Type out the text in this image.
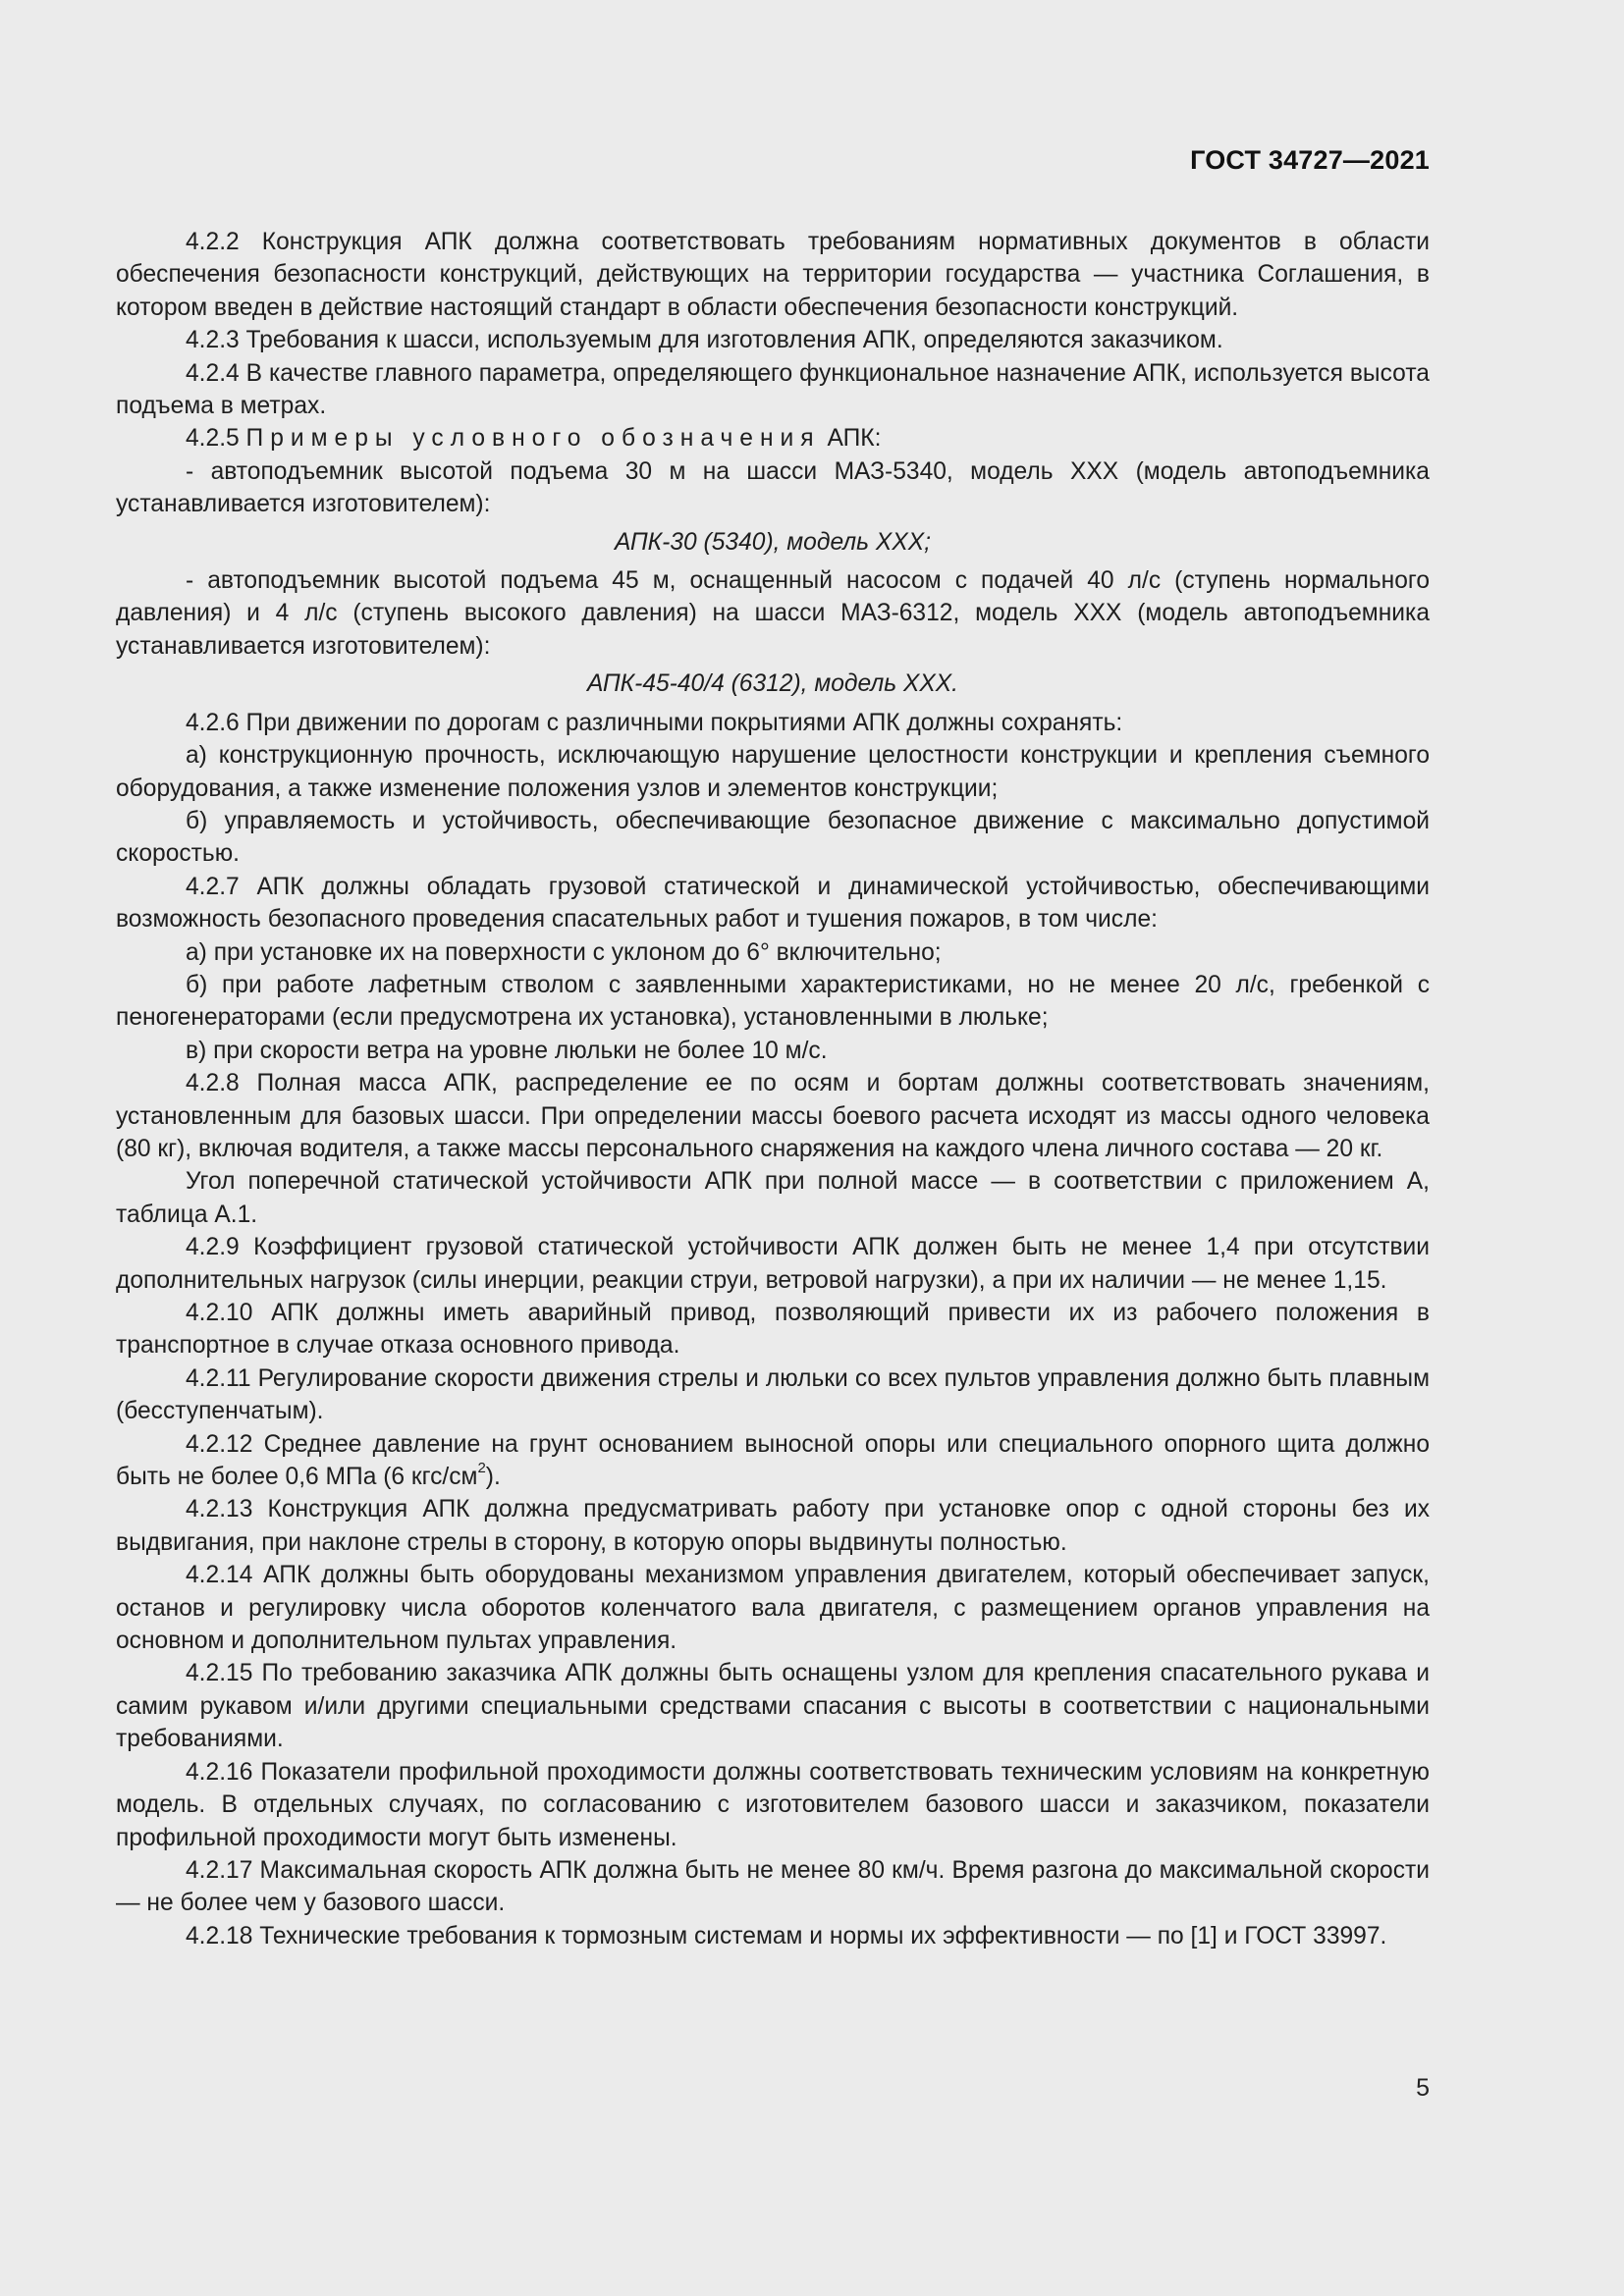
ГОСТ 34727—2021

4.2.2 Конструкция АПК должна соответствовать требованиям нормативных документов в области обеспечения безопасности конструкций, действующих на территории государства — участника Соглашения, в котором введен в действие настоящий стандарт в области обеспечения безопасности конструкций.

4.2.3 Требования к шасси, используемым для изготовления АПК, определяются заказчиком.

4.2.4 В качестве главного параметра, определяющего функциональное назначение АПК, используется высота подъема в метрах.

4.2.5 Примеры условного обозначения АПК:

- автоподъемник высотой подъема 30 м на шасси МАЗ-5340, модель XXX (модель автоподъемника устанавливается изготовителем):

АПК-30 (5340), модель XXX;

- автоподъемник высотой подъема 45 м, оснащенный насосом с подачей 40 л/с (ступень нормального давления) и 4 л/с (ступень высокого давления) на шасси МАЗ-6312, модель XXX (модель автоподъемника устанавливается изготовителем):

АПК-45-40/4 (6312), модель XXX.

4.2.6 При движении по дорогам с различными покрытиями АПК должны сохранять:

а) конструкционную прочность, исключающую нарушение целостности конструкции и крепления съемного оборудования, а также изменение положения узлов и элементов конструкции;

б) управляемость и устойчивость, обеспечивающие безопасное движение с максимально допустимой скоростью.

4.2.7 АПК должны обладать грузовой статической и динамической устойчивостью, обеспечивающими возможность безопасного проведения спасательных работ и тушения пожаров, в том числе:

а) при установке их на поверхности с уклоном до 6° включительно;

б) при работе лафетным стволом с заявленными характеристиками, но не менее 20 л/с, гребенкой с пеногенераторами (если предусмотрена их установка), установленными в люльке;

в) при скорости ветра на уровне люльки не более 10 м/с.

4.2.8 Полная масса АПК, распределение ее по осям и бортам должны соответствовать значениям, установленным для базовых шасси. При определении массы боевого расчета исходят из массы одного человека (80 кг), включая водителя, а также массы персонального снаряжения на каждого члена личного состава — 20 кг.

Угол поперечной статической устойчивости АПК при полной массе — в соответствии с приложением А, таблица А.1.

4.2.9 Коэффициент грузовой статической устойчивости АПК должен быть не менее 1,4 при отсутствии дополнительных нагрузок (силы инерции, реакции струи, ветровой нагрузки), а при их наличии — не менее 1,15.

4.2.10 АПК должны иметь аварийный привод, позволяющий привести их из рабочего положения в транспортное в случае отказа основного привода.

4.2.11 Регулирование скорости движения стрелы и люльки со всех пультов управления должно быть плавным (бесступенчатым).

4.2.12 Среднее давление на грунт основанием выносной опоры или специального опорного щита должно быть не более 0,6 МПа (6 кгс/$см^2$).

4.2.13 Конструкция АПК должна предусматривать работу при установке опор с одной стороны без их выдвигания, при наклоне стрелы в сторону, в которую опоры выдвинуты полностью.

4.2.14 АПК должны быть оборудованы механизмом управления двигателем, который обеспечивает запуск, останов и регулировку числа оборотов коленчатого вала двигателя, с размещением органов управления на основном и дополнительном пультах управления.

4.2.15 По требованию заказчика АПК должны быть оснащены узлом для крепления спасательного рукава и самим рукавом и/или другими специальными средствами спасания с высоты в соответствии с национальными требованиями.

4.2.16 Показатели профильной проходимости должны соответствовать техническим условиям на конкретную модель. В отдельных случаях, по согласованию с изготовителем базового шасси и заказчиком, показатели профильной проходимости могут быть изменены.

4.2.17 Максимальная скорость АПК должна быть не менее 80 км/ч. Время разгона до максимальной скорости — не более чем у базового шасси.

4.2.18 Технические требования к тормозным системам и нормы их эффективности — по [1] и ГОСТ 33997.

5
